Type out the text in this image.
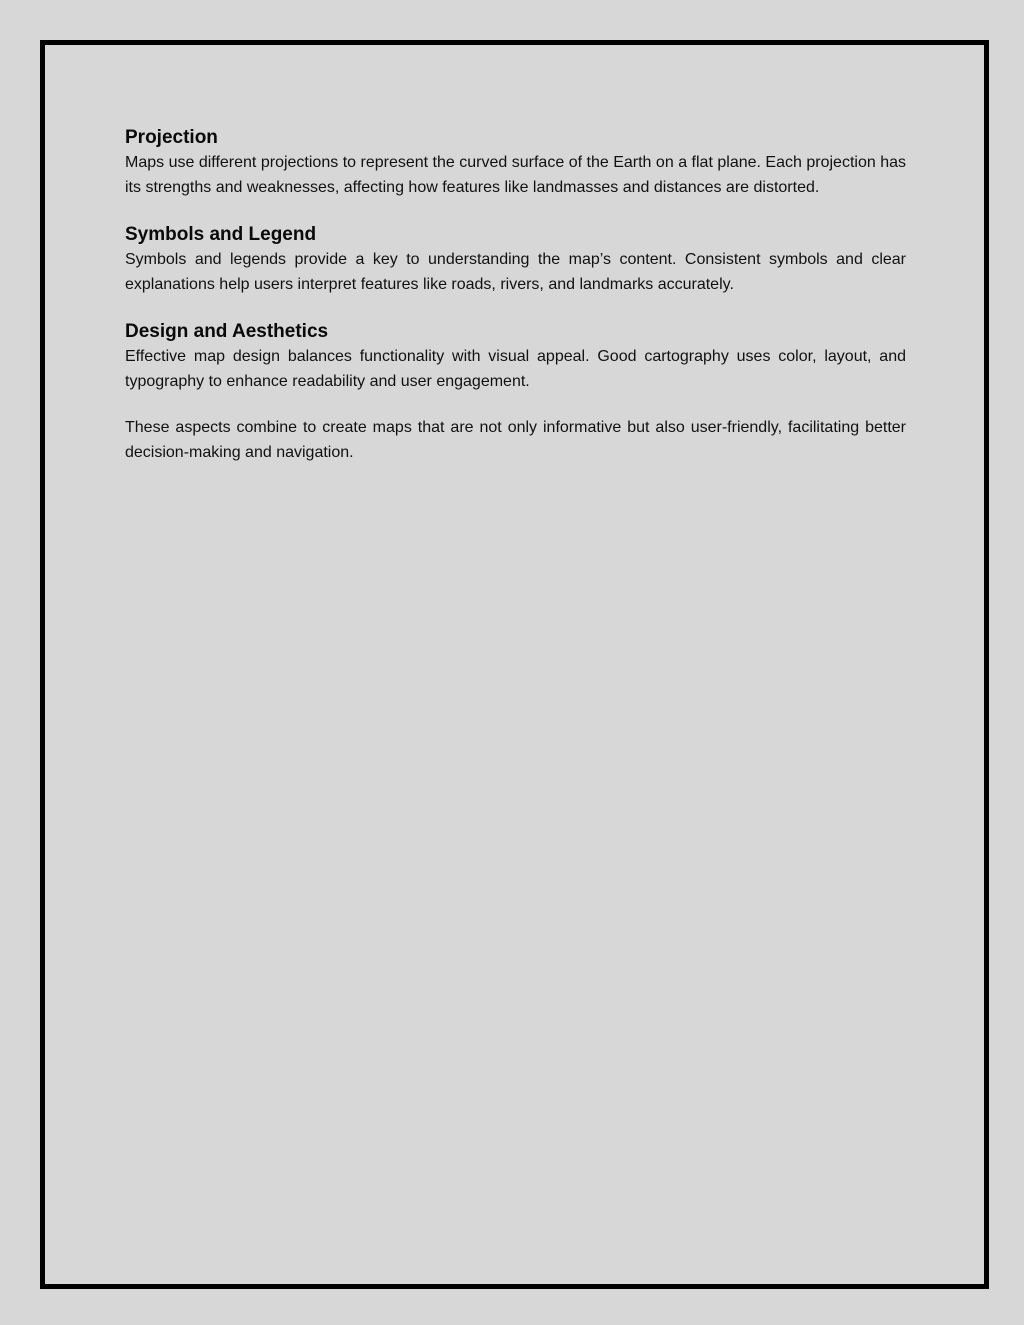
Projection

Maps use different projections to represent the curved surface of the Earth on a flat plane. Each projection has its strengths and weaknesses, affecting how features like landmasses and distances are distorted.

Symbols and Legend

Symbols and legends provide a key to understanding the map’s content. Consistent symbols and clear explanations help users interpret features like roads, rivers, and landmarks accurately.

Design and Aesthetics

Effective map design balances functionality with visual appeal. Good cartography uses color, layout, and typography to enhance readability and user engagement.

These aspects combine to create maps that are not only informative but also user-friendly, facilitating better decision-making and navigation.
